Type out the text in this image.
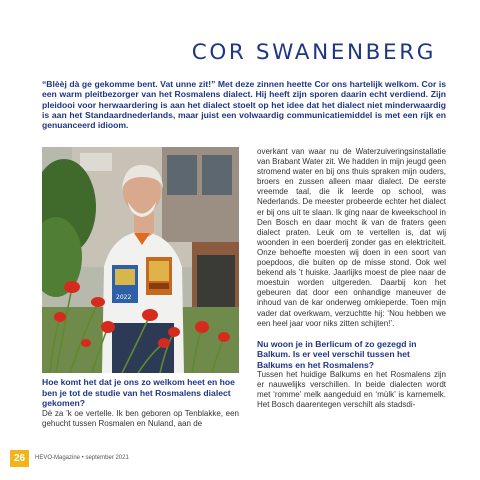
COR SWANENBERG

“Blèèj dà ge gekomme bent. Vat unne zit!” Met deze zinnen heette Cor ons hartelijk welkom. Cor is een warm pleitbezorger van het Rosmalens dialect. Hij heeft zijn sporen daarin echt verdiend. Zijn pleidooi voor herwaardering is aan het dialect stoelt op het idee dat het dialect niet minderwaardig is aan het Standaardnederlands, maar juist een volwaardig communicatiemiddel is met een rijk en genuanceerd idioom.

2022

Hoe komt het dat je ons zo welkom heet en hoe ben je tot de studie van het Rosmalens dialect gekomen?

Dè za ’k oe vertelle. Ik ben geboren op Tenblakke, een gehucht tussen Rosmalen en Nuland, aan de

overkant van waar nu de Waterzuiveringsinstallatie van Brabant Water zit. We hadden in mijn jeugd geen stromend water en bij ons thuis spraken mijn ouders, broers en zussen alleen maar dialect. De eerste vreemde taal, die ik leerde op school, was Nederlands. De meester probeerde echter het dialect er bij ons uit te slaan. Ik ging naar de kweekschool in Den Bosch en daar mocht ik van de fraters geen dialect praten. Leuk om te vertellen is, dat wij woonden in een boerderij zonder gas en elektriciteit. Onze behoefte moesten wij doen in een soort van poepdoos, die buiten op de misse stond. Ook wel bekend als ’t huiske. Jaarlijks moest de plee naar de moestuin worden uitgereden. Daarbij kon het gebeuren dat door een onhandige maneuver de inhoud van de kar onderweg omkieperde. Toen mijn vader dat overkwam, verzuchtte hij: ‘Nou hebben we een heel jaar voor niks zitten schijten!’.

Nu woon je in Berlicum of zo gezegd in Balkum. Is er veel verschil tussen het Balkums en het Rosmalens?

Tussen het huidige Balkums en het Rosmalens zijn er nauwelijks verschillen. In beide dialecten wordt met ‘romme’ melk aangeduid en ‘mùlk’ is karnemelk. Het Bosch daarentegen verschilt als stadsdi-

26	HEVO-Magazine • september 2021
